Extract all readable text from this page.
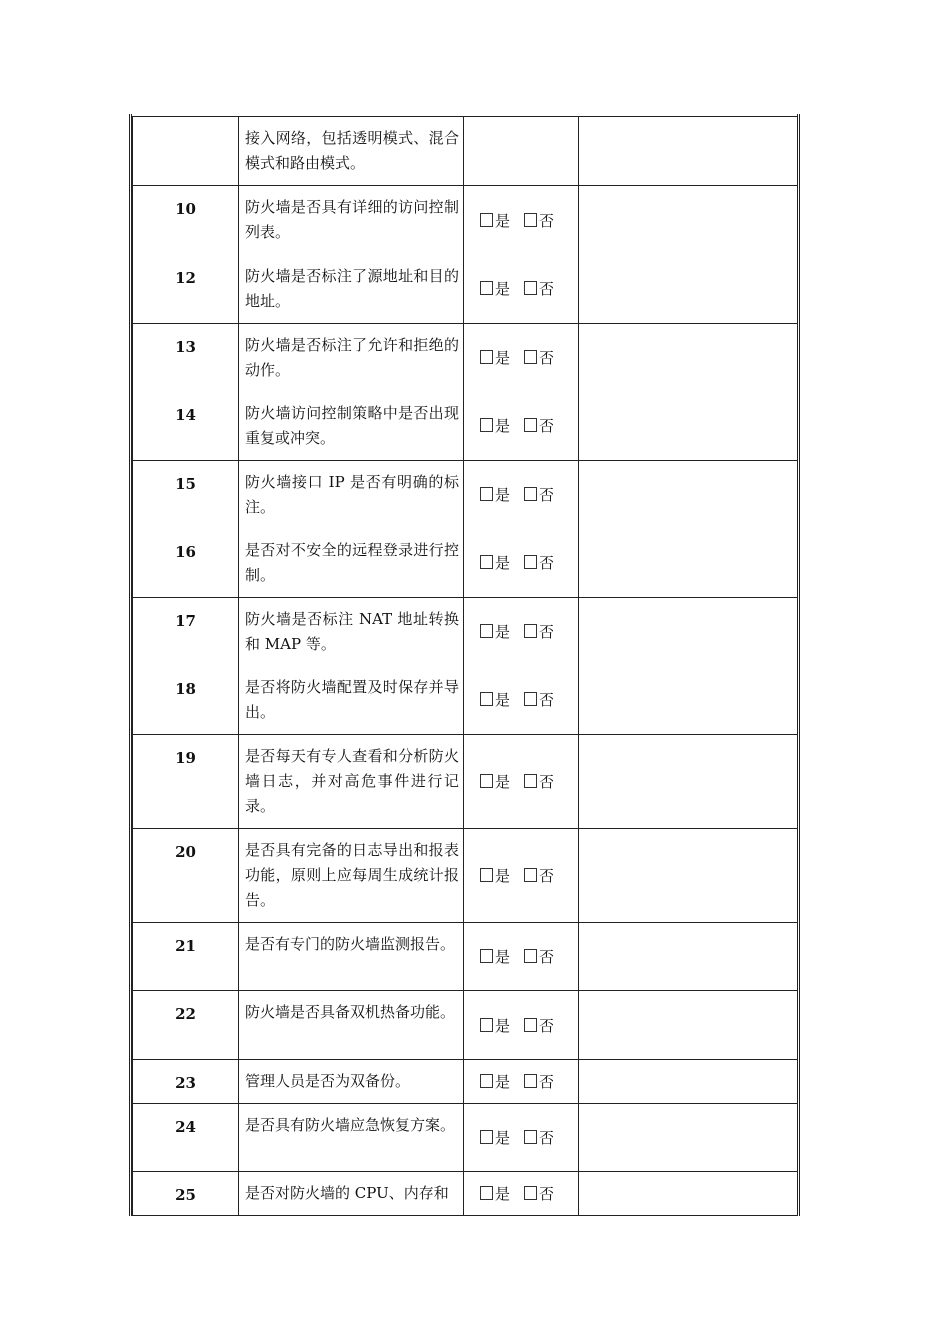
	接入网络，包括透明模式、混合模式和路由模式。		
10	防火墙是否具有详细的访问控制列表。	是 否	
12	防火墙是否标注了源地址和目的地址。	是 否	
13	防火墙是否标注了允许和拒绝的动作。	是 否	
14	防火墙访问控制策略中是否出现重复或冲突。	是 否	
15	防火墙接口 IP 是否有明确的标注。	是 否	
16	是否对不安全的远程登录进行控制。	是 否	
17	防火墙是否标注 NAT 地址转换和 MAP 等。	是 否	
18	是否将防火墙配置及时保存并导出。	是 否	
19	是否每天有专人查看和分析防火墙日志，并对高危事件进行记录。	是 否	
20	是否具有完备的日志导出和报表功能，原则上应每周生成统计报告。	是 否	
21	是否有专门的防火墙监测报告。	是 否	
22	防火墙是否具备双机热备功能。	是 否	
23	管理人员是否为双备份。	是 否	
24	是否具有防火墙应急恢复方案。	是 否	
25	是否对防火墙的 CPU、内存和	是 否	
